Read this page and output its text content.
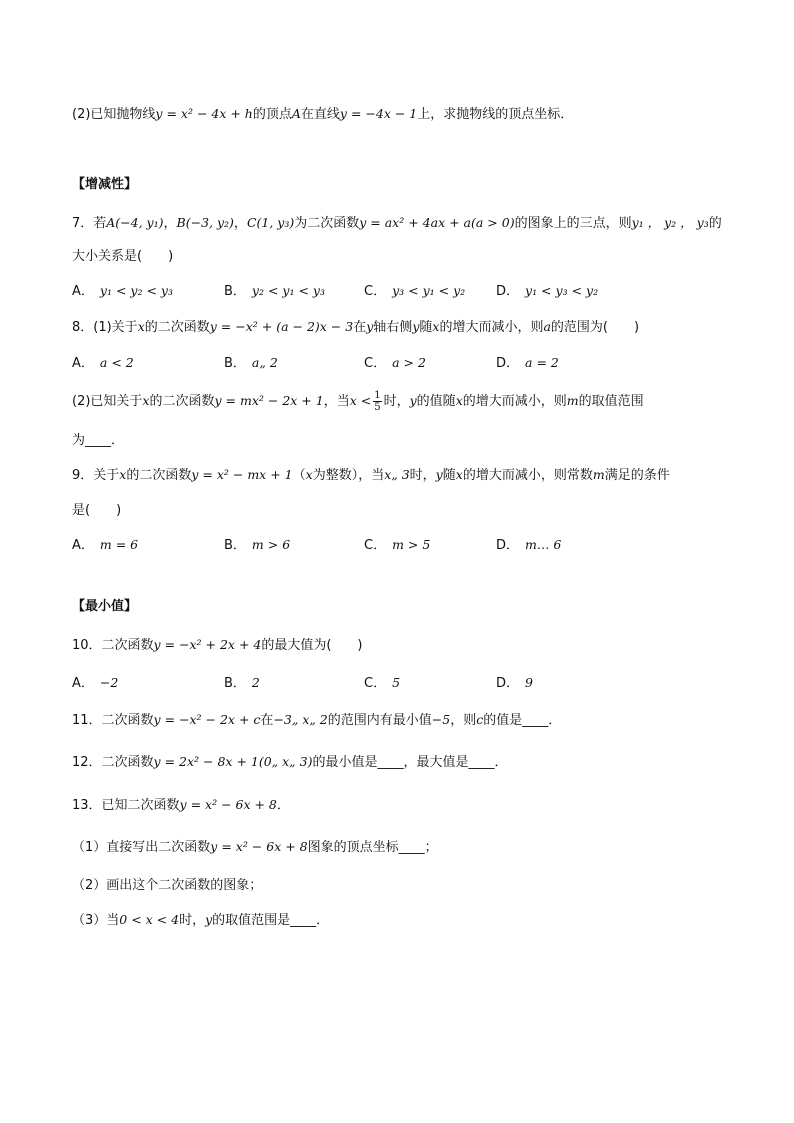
(2)已知抛物线y = x² − 4x + h的顶点A在直线y = −4x − 1上，求抛物线的顶点坐标．
【增减性】
7．若A(−4, y₁)，B(−3, y₂)，C(1, y₃)为二次函数y = ax² + 4ax + a(a > 0)的图象上的三点，则y₁ ， y₂ ， y₃的
大小关系是(　　)
A． y₁ < y₂ < y₃	B． y₂ < y₁ < y₃	C． y₃ < y₁ < y₂ D． y₁ < y₃ < y₂
8．(1)关于x的二次函数y = −x² + (a − 2)x − 3在y轴右侧y随x的增大而减小，则a的范围为(　　)
A． a < 2	B． a„ 2	C． a > 2	D． a = 2
(2)已知关于x的二次函数y = mx² − 2x + 1，当$x < \frac{1}{5}$ 时，y的值随x的增大而减小，则m的取值范围
为____．
9．关于x的二次函数y = x² − mx + 1（x为整数），当x„ 3时，y随x的增大而减小，则常数m满足的条件
是(　　)
A． m = 6	B． m > 6	C． m > 5	D． m… 6
【最小值】
10．二次函数y = −x² + 2x + 4的最大值为(　　)
A． −2	B． 2	C． 5	D． 9
11．二次函数y = −x² − 2x + c在−3„ x„ 2的范围内有最小值−5，则c的值是____．
12．二次函数y = 2x² − 8x + 1(0„ x„ 3)的最小值是____，最大值是____．
13．已知二次函数y = x² − 6x + 8．
（1）直接写出二次函数y = x² − 6x + 8图象的顶点坐标____；
（2）画出这个二次函数的图象；
（3）当0 < x < 4时，y的取值范围是____．
